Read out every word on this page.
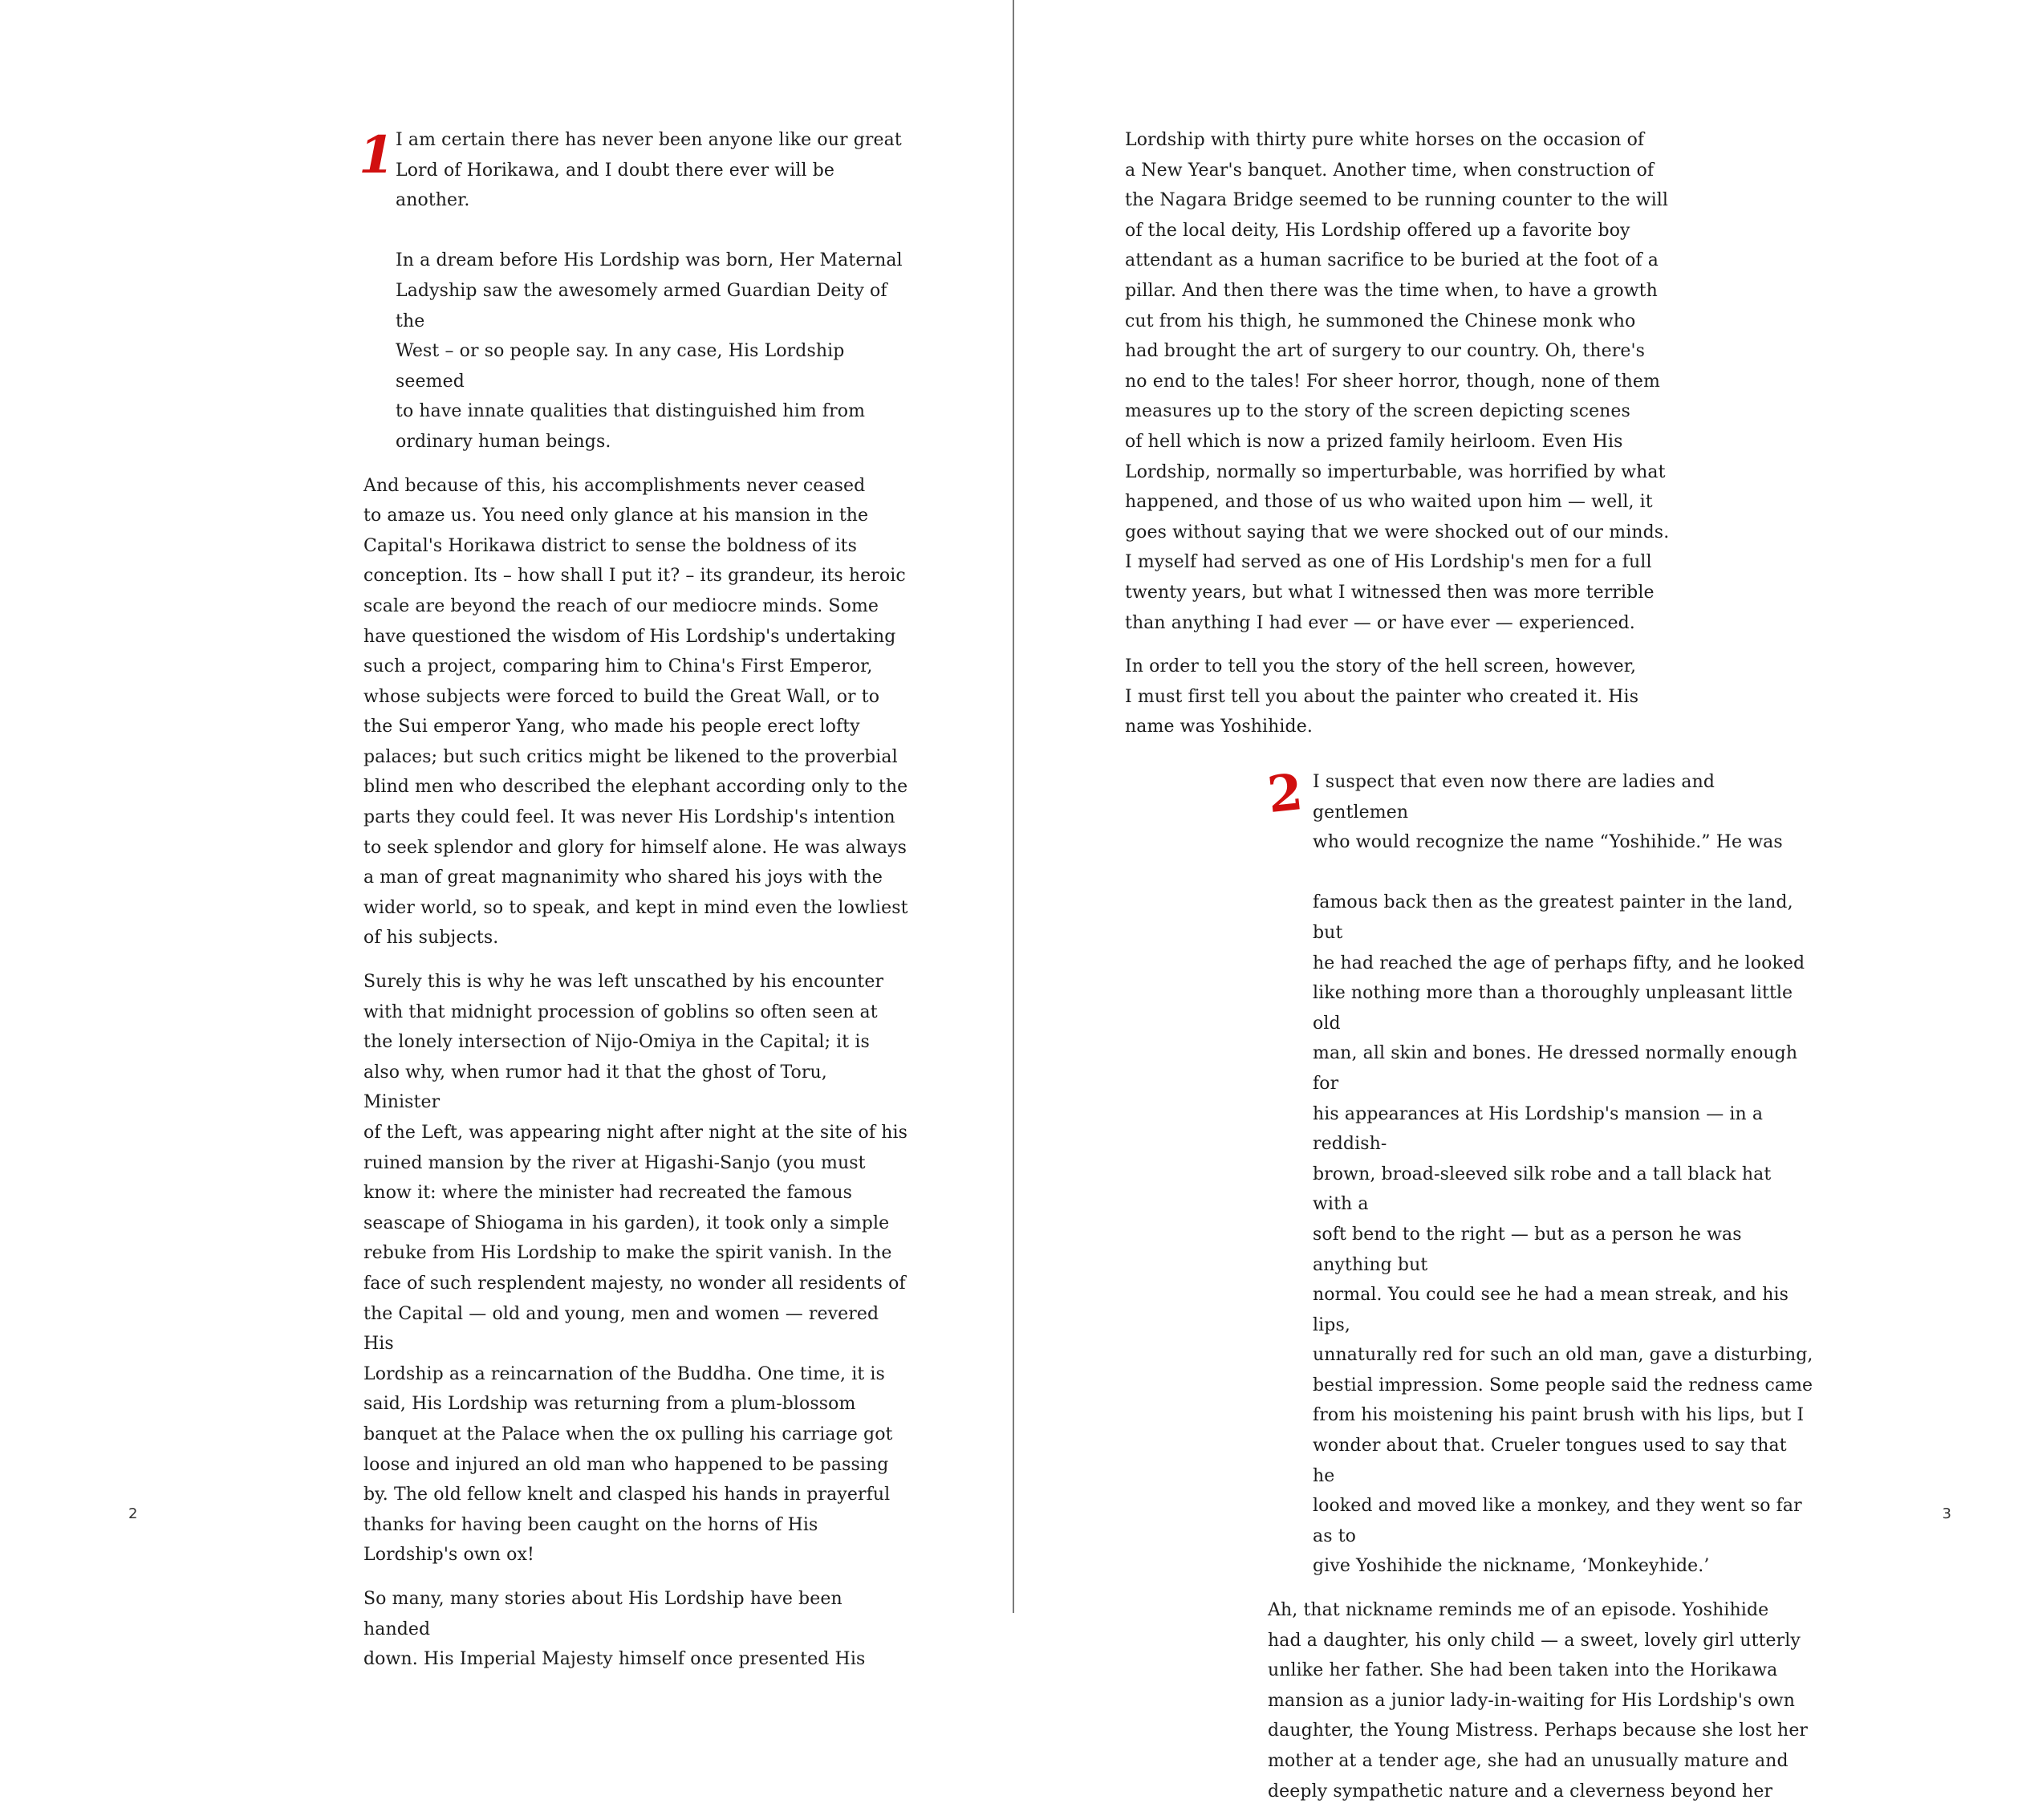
1 I am certain there has never been anyone like our great
Lord of Horikawa, and I doubt there ever will be another.
In a dream before His Lordship was born, Her Maternal
Ladyship saw the awesomely armed Guardian Deity of the
West – or so people say. In any case, His Lordship seemed
to have innate qualities that distinguished him from
ordinary human beings.

And because of this, his accomplishments never ceased
to amaze us. You need only glance at his mansion in the
Capital's Horikawa district to sense the boldness of its
conception. Its – how shall I put it? – its grandeur, its heroic
scale are beyond the reach of our mediocre minds. Some
have questioned the wisdom of His Lordship's undertaking
such a project, comparing him to China's First Emperor,
whose subjects were forced to build the Great Wall, or to
the Sui emperor Yang, who made his people erect lofty
palaces; but such critics might be likened to the proverbial
blind men who described the elephant according only to the
parts they could feel. It was never His Lordship's intention
to seek splendor and glory for himself alone. He was always
a man of great magnanimity who shared his joys with the
wider world, so to speak, and kept in mind even the lowliest
of his subjects.

Surely this is why he was left unscathed by his encounter
with that midnight procession of goblins so often seen at
the lonely intersection of Nijo-Omiya in the Capital; it is
also why, when rumor had it that the ghost of Toru, Minister
of the Left, was appearing night after night at the site of his
ruined mansion by the river at Higashi-Sanjo (you must
know it: where the minister had recreated the famous
seascape of Shiogama in his garden), it took only a simple
rebuke from His Lordship to make the spirit vanish. In the
face of such resplendent majesty, no wonder all residents of
the Capital — old and young, men and women — revered His
Lordship as a reincarnation of the Buddha. One time, it is
said, His Lordship was returning from a plum-blossom
banquet at the Palace when the ox pulling his carriage got
loose and injured an old man who happened to be passing
by. The old fellow knelt and clasped his hands in prayerful
thanks for having been caught on the horns of His
Lordship's own ox!

So many, many stories about His Lordship have been handed
down. His Imperial Majesty himself once presented His

2

Lordship with thirty pure white horses on the occasion of
a New Year's banquet. Another time, when construction of
the Nagara Bridge seemed to be running counter to the will
of the local deity, His Lordship offered up a favorite boy
attendant as a human sacrifice to be buried at the foot of a
pillar. And then there was the time when, to have a growth
cut from his thigh, he summoned the Chinese monk who
had brought the art of surgery to our country. Oh, there's
no end to the tales! For sheer horror, though, none of them
measures up to the story of the screen depicting scenes
of hell which is now a prized family heirloom. Even His
Lordship, normally so imperturbable, was horrified by what
happened, and those of us who waited upon him — well, it
goes without saying that we were shocked out of our minds.
I myself had served as one of His Lordship's men for a full
twenty years, but what I witnessed then was more terrible
than anything I had ever — or have ever — experienced.

In order to tell you the story of the hell screen, however,
I must first tell you about the painter who created it. His
name was Yoshihide.

2 I suspect that even now there are ladies and gentlemen
who would recognize the name “Yoshihide.” He was
famous back then as the greatest painter in the land, but
he had reached the age of perhaps fifty, and he looked
like nothing more than a thoroughly unpleasant little old
man, all skin and bones. He dressed normally enough for
his appearances at His Lordship's mansion — in a reddish-
brown, broad-sleeved silk robe and a tall black hat with a
soft bend to the right — but as a person he was anything but
normal. You could see he had a mean streak, and his lips,
unnaturally red for such an old man, gave a disturbing,
bestial impression. Some people said the redness came
from his moistening his paint brush with his lips, but I
wonder about that. Crueler tongues used to say that he
looked and moved like a monkey, and they went so far as to
give Yoshihide the nickname, ‘Monkeyhide.’

Ah, that nickname reminds me of an episode. Yoshihide
had a daughter, his only child — a sweet, lovely girl utterly
unlike her father. She had been taken into the Horikawa
mansion as a junior lady-in-waiting for His Lordship's own
daughter, the Young Mistress. Perhaps because she lost her
mother at a tender age, she had an unusually mature and
deeply sympathetic nature and a cleverness beyond her

3
